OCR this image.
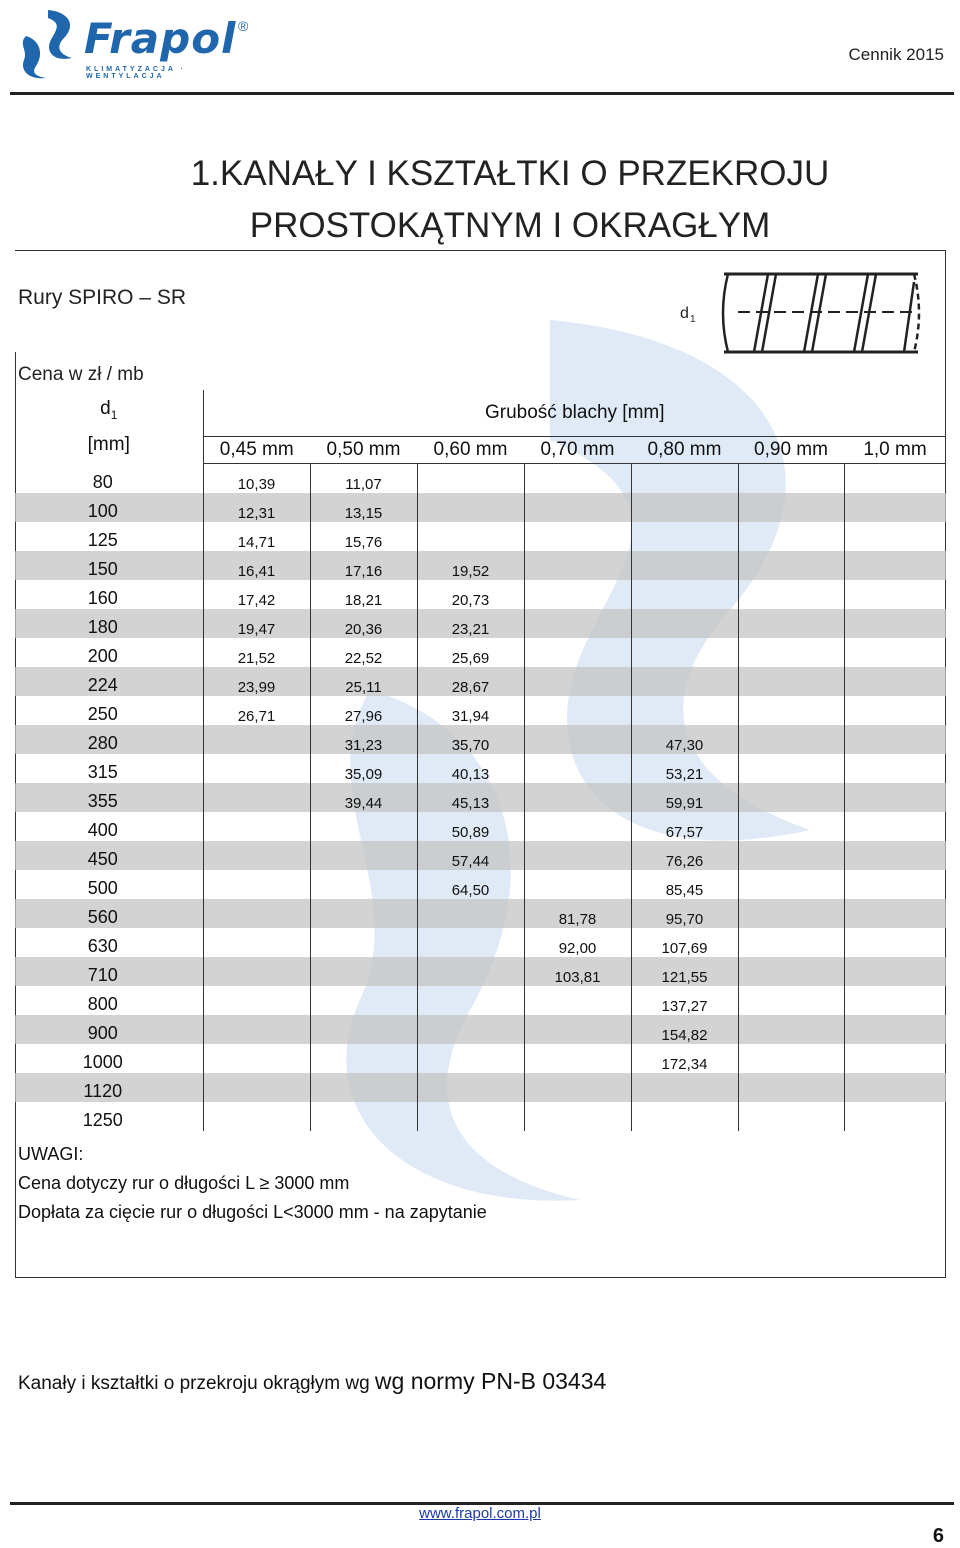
Frapol ®
KLIMATYZACJA · WENTYLACJA
Cennik 2015
1.KANAŁY I KSZTAŁTKI O PRZEKROJU
PROSTOKĄTNYM I OKRAGŁYM
Rury SPIRO – SR
Cena w zł / mb
d 1
$d_1$
[mm]	Grubość blachy [mm]						
	0,45 mm	0,50 mm	0,60 mm	0,70 mm	0,80 mm	0,90 mm	1,0 mm
80	10,39	11,07					
100	12,31	13,15					
125	14,71	15,76					
150	16,41	17,16	19,52				
160	17,42	18,21	20,73				
180	19,47	20,36	23,21				
200	21,52	22,52	25,69				
224	23,99	25,11	28,67				
250	26,71	27,96	31,94				
280		31,23	35,70		47,30		
315		35,09	40,13		53,21		
355		39,44	45,13		59,91		
400			50,89		67,57		
450			57,44		76,26		
500			64,50		85,45		
560				81,78	95,70		
630				92,00	107,69		
710				103,81	121,55		
800					137,27		
900					154,82		
1000					172,34		
1120							
1250							
UWAGI:
Cena dotyczy rur o długości L ≥ 3000 mm
Dopłata za cięcie rur o długości L<3000 mm - na zapytanie
Kanały i kształtki o przekroju okrągłym wg wg normy PN-B 03434
www.frapol.com.pl
6
